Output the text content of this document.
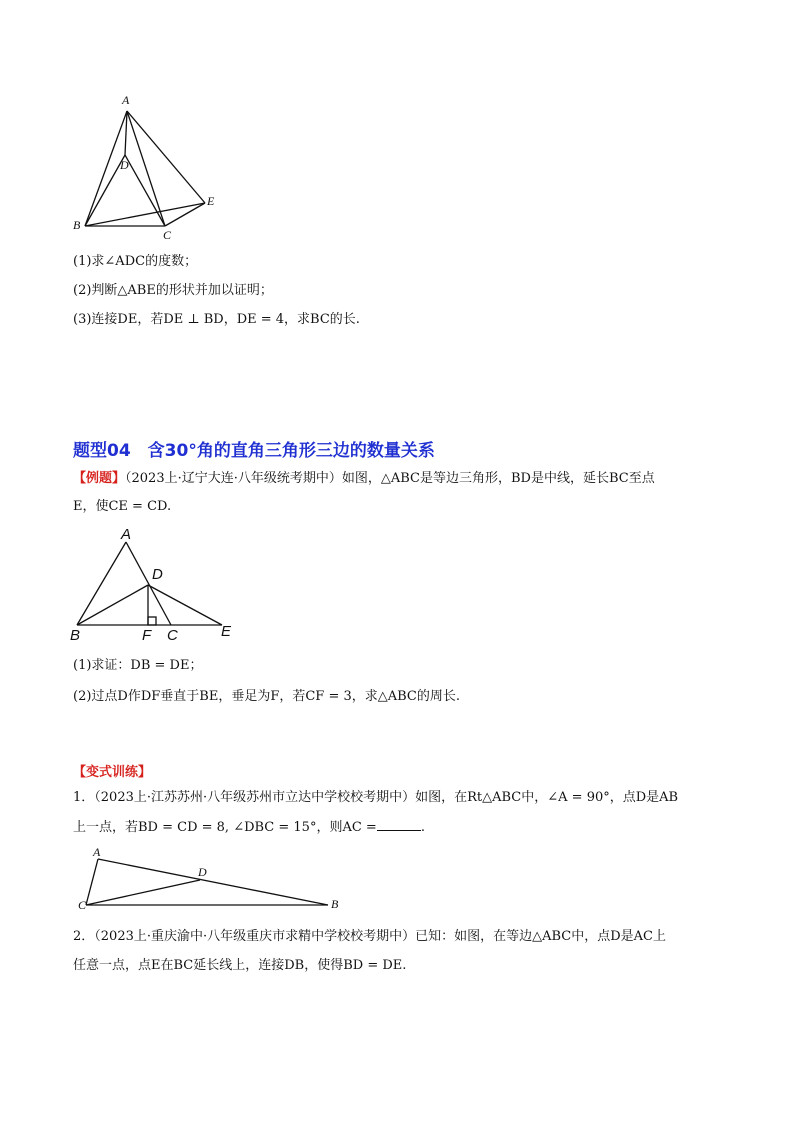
A
D
E
B
C
(1)求∠ADC的度数；
(2)判断△ABE的形状并加以证明；
(3)连接DE，若DE ⊥ BD，DE = 4，求BC的长.
题型04　含30°角的直角三角形三边的数量关系
【例题】（2023上·辽宁大连·八年级统考期中）如图，△ABC是等边三角形，BD是中线，延长BC至点
E，使CE = CD.
A
D
B	F C	E
(1)求证：DB = DE；
(2)过点D作DF垂直于BE，垂足为F，若CF = 3，求△ABC的周长.
【变式训练】
1．（2023上·江苏苏州·八年级苏州市立达中学校校考期中）如图，在Rt△ABC中，∠A = 90°，点D是AB
上一点，若BD = CD = 8, ∠DBC = 15°，则AC =	.
A
D
C	B
2．（2023上·重庆渝中·八年级重庆市求精中学校校考期中）已知：如图，在等边△ABC中，点D是AC上
任意一点，点E在BC延长线上，连接DB，使得BD = DE.
